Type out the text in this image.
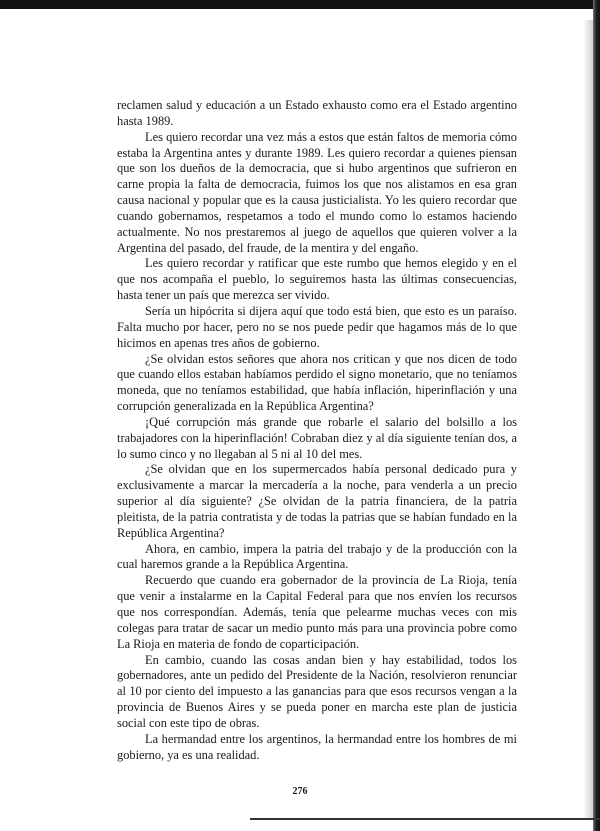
reclamen salud y educación a un Estado exhausto como era el Estado argentino hasta 1989.

Les quiero recordar una vez más a estos que están faltos de memoria cómo estaba la Argentina antes y durante 1989. Les quiero recordar a quienes piensan que son los dueños de la democracia, que si hubo argentinos que sufrieron en carne propia la falta de democracia, fuimos los que nos alistamos en esa gran causa nacional y popular que es la causa justicialista. Yo les quiero recordar que cuando gobernamos, respetamos a todo el mundo como lo estamos haciendo actualmente. No nos prestaremos al juego de aquellos que quieren volver a la Argentina del pasado, del fraude, de la mentira y del engaño.

Les quiero recordar y ratificar que este rumbo que hemos elegido y en el que nos acompaña el pueblo, lo seguiremos hasta las últimas consecuencias, hasta tener un país que merezca ser vivido.

Sería un hipócrita si dijera aquí que todo está bien, que esto es un paraíso. Falta mucho por hacer, pero no se nos puede pedir que hagamos más de lo que hicimos en apenas tres años de gobierno.

¿Se olvidan estos señores que ahora nos critican y que nos dicen de todo que cuando ellos estaban habíamos perdido el signo monetario, que no teníamos moneda, que no teníamos estabilidad, que había inflación, hiperinflación y una corrupción generalizada en la República Argentina?

¡Qué corrupción más grande que robarle el salario del bolsillo a los trabajadores con la hiperinflación! Cobraban diez y al día siguiente tenían dos, a lo sumo cinco y no llegaban al 5 ni al 10 del mes.

¿Se olvidan que en los supermercados había personal dedicado pura y exclusivamente a marcar la mercadería a la noche, para venderla a un precio superior al día siguiente? ¿Se olvidan de la patria financiera, de la patria pleitista, de la patria contratista y de todas la patrias que se habían fundado en la República Argentina?

Ahora, en cambio, impera la patria del trabajo y de la producción con la cual haremos grande a la República Argentina.

Recuerdo que cuando era gobernador de la provincia de La Rioja, tenía que venir a instalarme en la Capital Federal para que nos envíen los recursos que nos correspondían. Además, tenía que pelearme muchas veces con mis colegas para tratar de sacar un medio punto más para una provincia pobre como La Rioja en materia de fondo de coparticipación.

En cambio, cuando las cosas andan bien y hay estabilidad, todos los gobernadores, ante un pedido del Presidente de la Nación, resolvieron renunciar al 10 por ciento del impuesto a las ganancias para que esos recursos vengan a la provincia de Buenos Aires y se pueda poner en marcha este plan de justicia social con este tipo de obras.

La hermandad entre los argentinos, la hermandad entre los hombres de mi gobierno, ya es una realidad.

276
